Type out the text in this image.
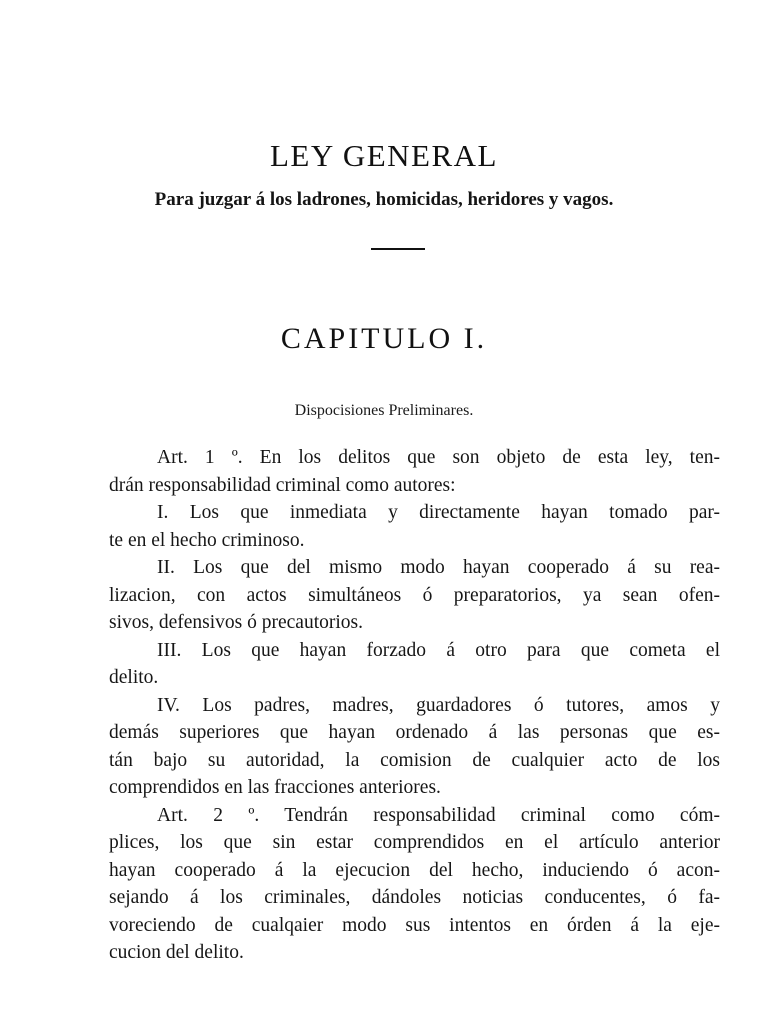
LEY GENERAL
Para juzgar á los ladrones, homicidas, heridores y vagos.
CAPITULO I.
Dispocisiones Preliminares.
Art. 1 º. En los delitos que son objeto de esta ley, ten-
drán responsabilidad criminal como autores:
I. Los que inmediata y directamente hayan tomado par-
te en el hecho criminoso.
II. Los que del mismo modo hayan cooperado á su rea-
lizacion, con actos simultáneos ó preparatorios, ya sean ofen-
sivos, defensivos ó precautorios.
III. Los que hayan forzado á otro para que cometa el
delito.
IV. Los padres, madres, guardadores ó tutores, amos y
demás superiores que hayan ordenado á las personas que es-
tán bajo su autoridad, la comision de cualquier acto de los
comprendidos en las fracciones anteriores.
Art. 2 º. Tendrán responsabilidad criminal como cóm-
plices, los que sin estar comprendidos en el artículo anterior
hayan cooperado á la ejecucion del hecho, induciendo ó acon-
sejando á los criminales, dándoles noticias conducentes, ó fa-
voreciendo de cualqaier modo sus intentos en órden á la eje-
cucion del delito.
